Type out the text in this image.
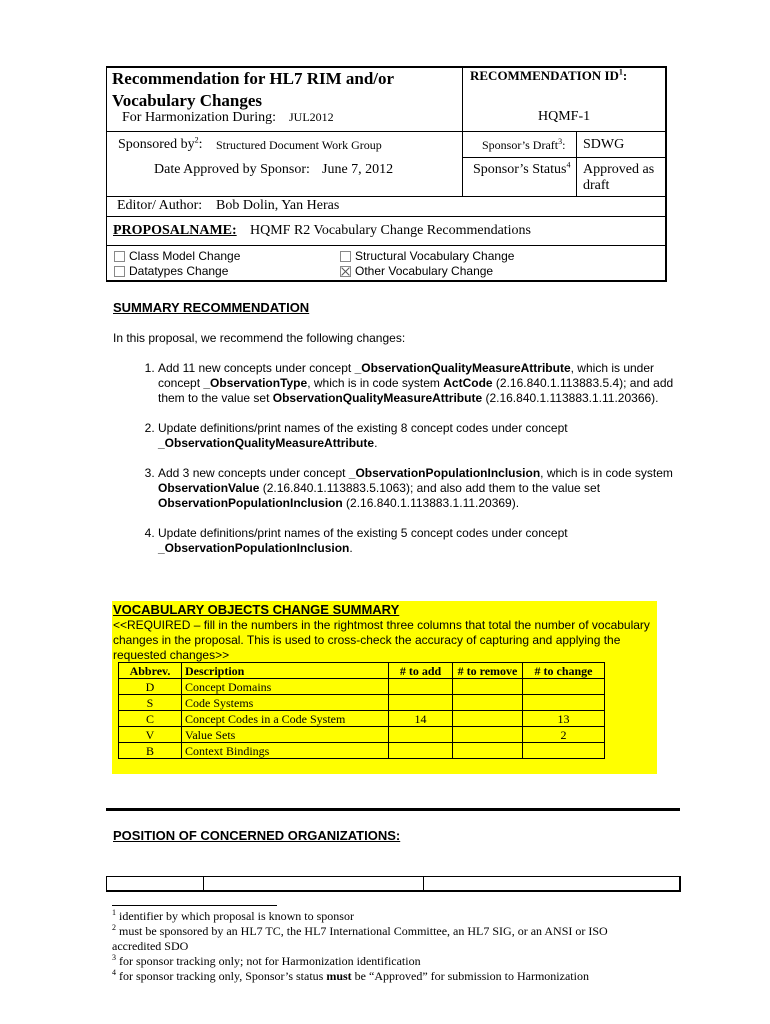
Recommendation for HL7 RIM and/or Vocabulary Changes
For Harmonization During: JUL2012
RECOMMENDATION $ID^1$:
HQMF-1
Sponsored $by^2$: Structured Document Work Group	Sponsor’s Draft$^3$: SDWG
Date Approved by Sponsor: June 7, 2012	Sponsor’s Status$^4$ Approved as draft
Editor/ Author: Bob Dolin, Yan Heras
PROPOSALNAME: HQMF R2 Vocabulary Change Recommendations
Class Model Change
Datatypes Change
Structural Vocabulary Change
Other Vocabulary Change
SUMMARY RECOMMENDATION
In this proposal, we recommend the following changes:
1. Add 11 new concepts under concept _ObservationQualityMeasureAttribute, which is under concept _ObservationType, which is in code system ActCode (2.16.840.1.113883.5.4); and add them to the value set ObservationQualityMeasureAttribute (2.16.840.1.113883.1.11.20366).
2. Update definitions/print names of the existing 8 concept codes under concept _ObservationQualityMeasureAttribute.
3. Add 3 new concepts under concept _ObservationPopulationInclusion, which is in code system ObservationValue (2.16.840.1.113883.5.1063); and also add them to the value set ObservationPopulationInclusion (2.16.840.1.113883.1.11.20369).
4. Update definitions/print names of the existing 5 concept codes under concept _ObservationPopulationInclusion.
VOCABULARY OBJECTS CHANGE SUMMARY
<<REQUIRED – fill in the numbers in the rightmost three columns that total the number of vocabulary changes in the proposal. This is used to cross-check the accuracy of capturing and applying the requested changes>>
Abbrev.	Description	# to add	# to remove	# to change
D	Concept Domains			
S	Code Systems			
C	Concept Codes in a Code System	14		13
V	Value Sets			2
B	Context Bindings			
POSITION OF CONCERNED ORGANIZATIONS:
$^1$ identifier by which proposal is known to sponsor
$^2$ must be sponsored by an HL7 TC, the HL7 International Committee, an HL7 SIG, or an ANSI or ISO accredited SDO
$^3$ for sponsor tracking only; not for Harmonization identification
$^4$ for sponsor tracking only, Sponsor’s status must be “Approved” for submission to Harmonization
